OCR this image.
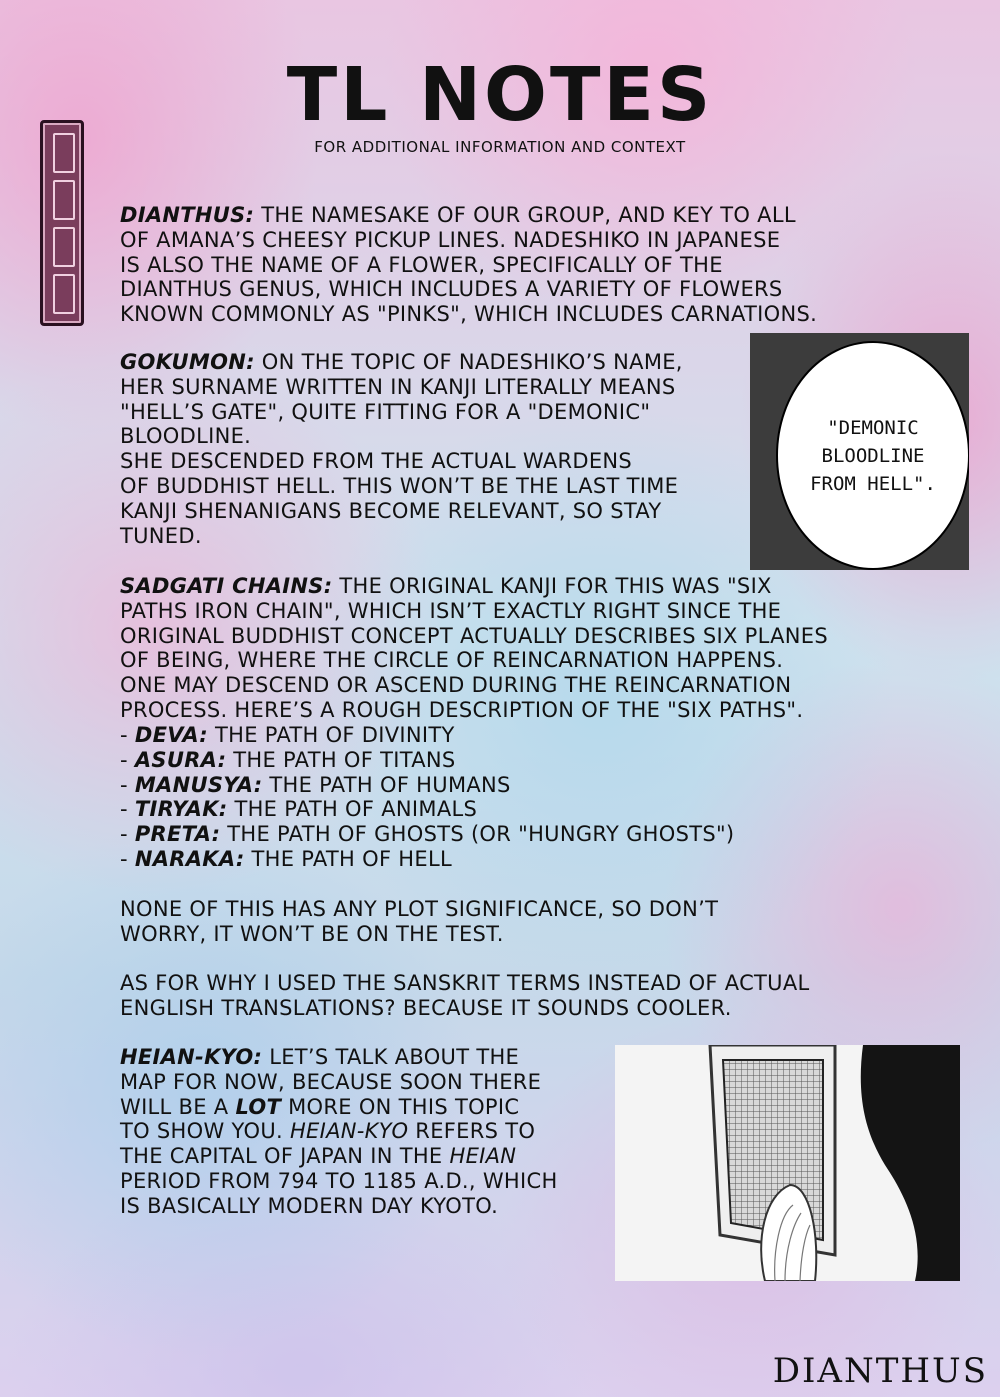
TL NOTES
FOR ADDITIONAL INFORMATION AND CONTEXT
DIANTHUS: THE NAMESAKE OF OUR GROUP, AND KEY TO ALL
OF AMANA’S CHEESY PICKUP LINES. NADESHIKO IN JAPANESE
IS ALSO THE NAME OF A FLOWER, SPECIFICALLY OF THE
DIANTHUS GENUS, WHICH INCLUDES A VARIETY OF FLOWERS
KNOWN COMMONLY AS "PINKS", WHICH INCLUDES CARNATIONS.
GOKUMON: ON THE TOPIC OF NADESHIKO’S NAME,
HER SURNAME WRITTEN IN KANJI LITERALLY MEANS
"HELL’S GATE", QUITE FITTING FOR A "DEMONIC"
BLOODLINE.
SHE DESCENDED FROM THE ACTUAL WARDENS
OF BUDDHIST HELL. THIS WON’T BE THE LAST TIME
KANJI SHENANIGANS BECOME RELEVANT, SO STAY
TUNED.
"DEMONIC
BLOODLINE
FROM HELL".
SADGATI CHAINS: THE ORIGINAL KANJI FOR THIS WAS "SIX
PATHS IRON CHAIN", WHICH ISN’T EXACTLY RIGHT SINCE THE
ORIGINAL BUDDHIST CONCEPT ACTUALLY DESCRIBES SIX PLANES
OF BEING, WHERE THE CIRCLE OF REINCARNATION HAPPENS.
ONE MAY DESCEND OR ASCEND DURING THE REINCARNATION
PROCESS. HERE’S A ROUGH DESCRIPTION OF THE "SIX PATHS".
- DEVA: THE PATH OF DIVINITY
- ASURA: THE PATH OF TITANS
- MANUSYA: THE PATH OF HUMANS
- TIRYAK: THE PATH OF ANIMALS
- PRETA: THE PATH OF GHOSTS (OR "HUNGRY GHOSTS")
- NARAKA: THE PATH OF HELL
NONE OF THIS HAS ANY PLOT SIGNIFICANCE, SO DON’T
WORRY, IT WON’T BE ON THE TEST.
AS FOR WHY I USED THE SANSKRIT TERMS INSTEAD OF ACTUAL
ENGLISH TRANSLATIONS? BECAUSE IT SOUNDS COOLER.
HEIAN-KYO: LET’S TALK ABOUT THE
MAP FOR NOW, BECAUSE SOON THERE
WILL BE A LOT MORE ON THIS TOPIC
TO SHOW YOU. HEIAN-KYO REFERS TO
THE CAPITAL OF JAPAN IN THE HEIAN
PERIOD FROM 794 TO 1185 A.D., WHICH
IS BASICALLY MODERN DAY KYOTO.
DIANTHUS
